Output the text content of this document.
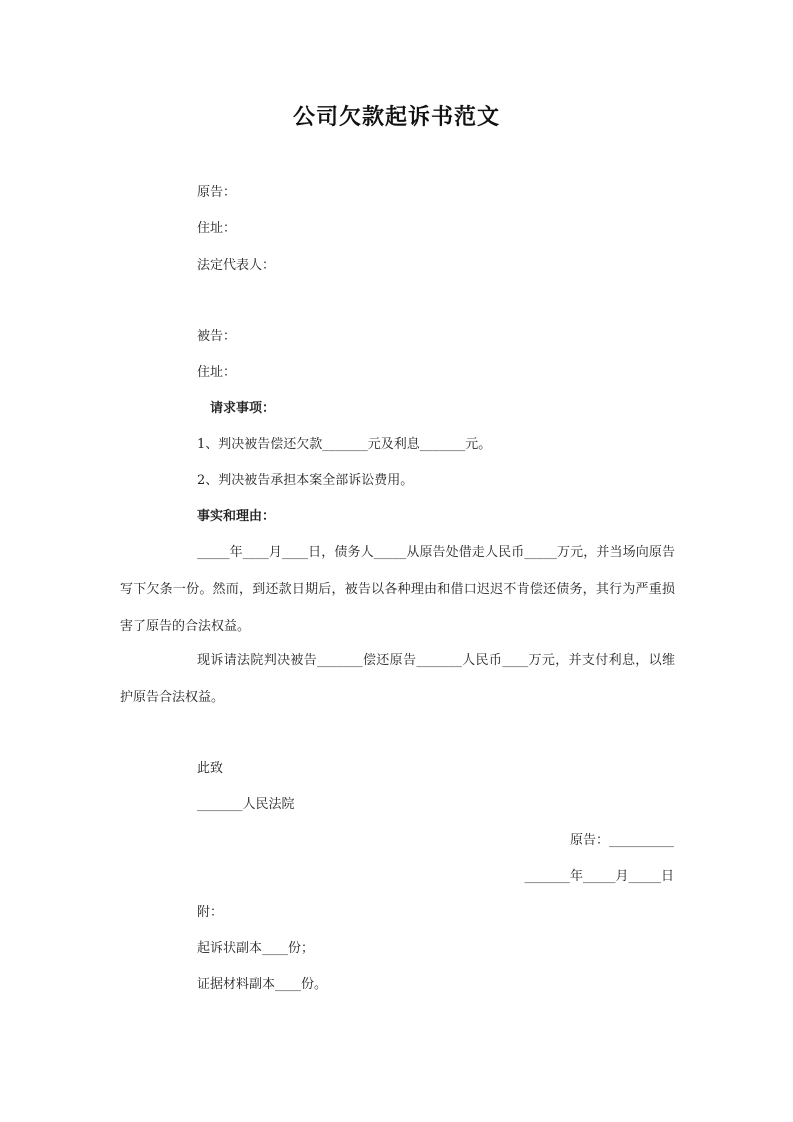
公司欠款起诉书范文
原告：
住址：
法定代表人：
被告：
住址：
请求事项：
1、判决被告偿还欠款_______元及利息_______元。
2、判决被告承担本案全部诉讼费用。
事实和理由：
_____年____月____日，债务人_____从原告处借走人民币_____万元，并当场向原告写下欠条一份。然而，到还款日期后，被告以各种理由和借口迟迟不肯偿还债务，其行为严重损害了原告的合法权益。
现诉请法院判决被告_______偿还原告_______人民币____万元，并支付利息，以维护原告合法权益。
此致
_______人民法院
原告：__________
_______年_____月_____日
附：
起诉状副本____份；
证据材料副本____份。
